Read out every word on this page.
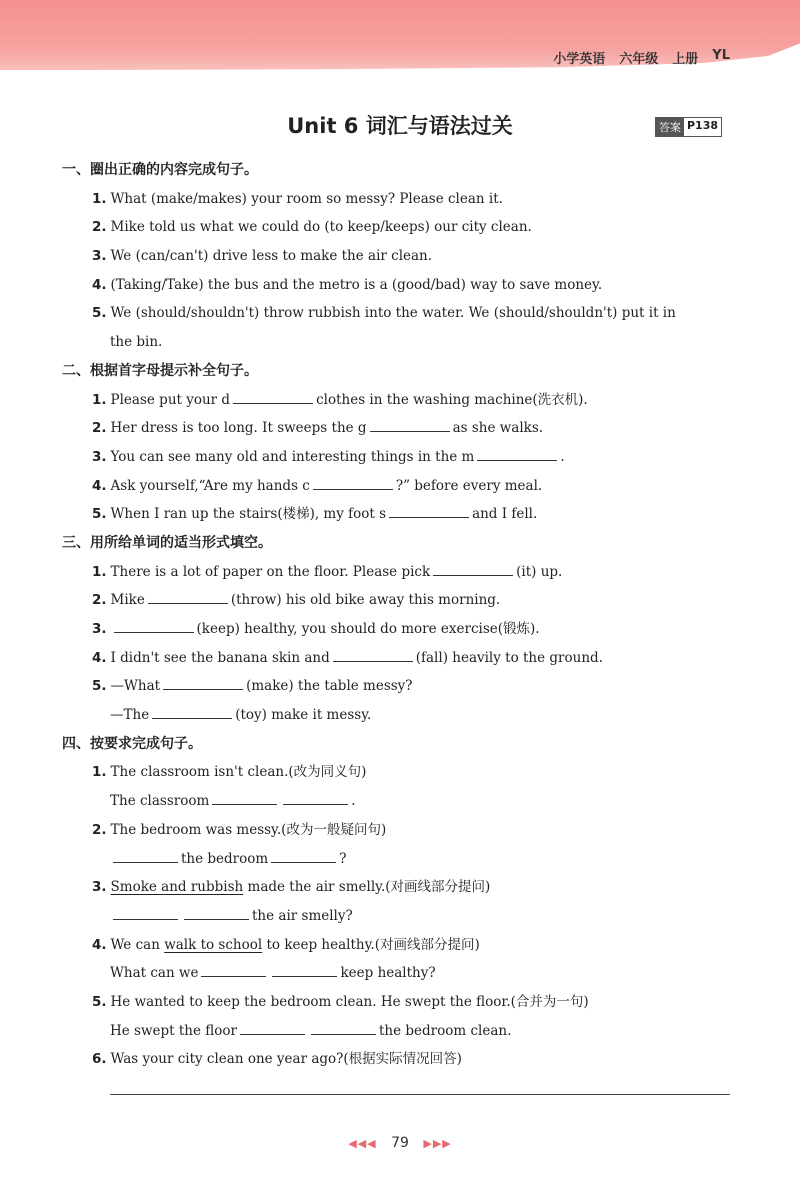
小学英语 六年级 上册 YL
Unit 6 词汇与语法过关	答案 P138
一、圈出正确的内容完成句子。
1. What (make/makes) your room so messy? Please clean it.
2. Mike told us what we could do (to keep/keeps) our city clean.
3. We (can/can't) drive less to make the air clean.
4. (Taking/Take) the bus and the metro is a (good/bad) way to save money.
5. We (should/shouldn't) throw rubbish into the water. We (should/shouldn't) put it in
the bin.
二、根据首字母提示补全句子。
1. Please put your d	clothes in the washing machine(洗衣机).
2. Her dress is too long. It sweeps the g	as she walks.
3. You can see many old and interesting things in the m	.
4. Ask yourself,“Are my hands c	?” before every meal.
5. When I ran up the stairs(楼梯), my foot s	and I fell.
三、用所给单词的适当形式填空。
1. There is a lot of paper on the floor. Please pick	(it) up.
2. Mike	(throw) his old bike away this morning.
3.	(keep) healthy, you should do more exercise(锻炼).
4. I didn't see the banana skin and	(fall) heavily to the ground.
5. —What	(make) the table messy?
—The	(toy) make it messy.
四、按要求完成句子。
1. The classroom isn't clean.(改为同义句)
The classroom	.
2. The bedroom was messy.(改为一般疑问句)
the bedroom	?
3. Smoke and rubbish made the air smelly.(对画线部分提问)
the air smelly?
4. We can walk to school to keep healthy.(对画线部分提问)
What can we	keep healthy?
5. He wanted to keep the bedroom clean. He swept the floor.(合并为一句)
He swept the floor	the bedroom clean.
6. Was your city clean one year ago?(根据实际情况回答)
◀◀◀ 79 ▶▶▶
